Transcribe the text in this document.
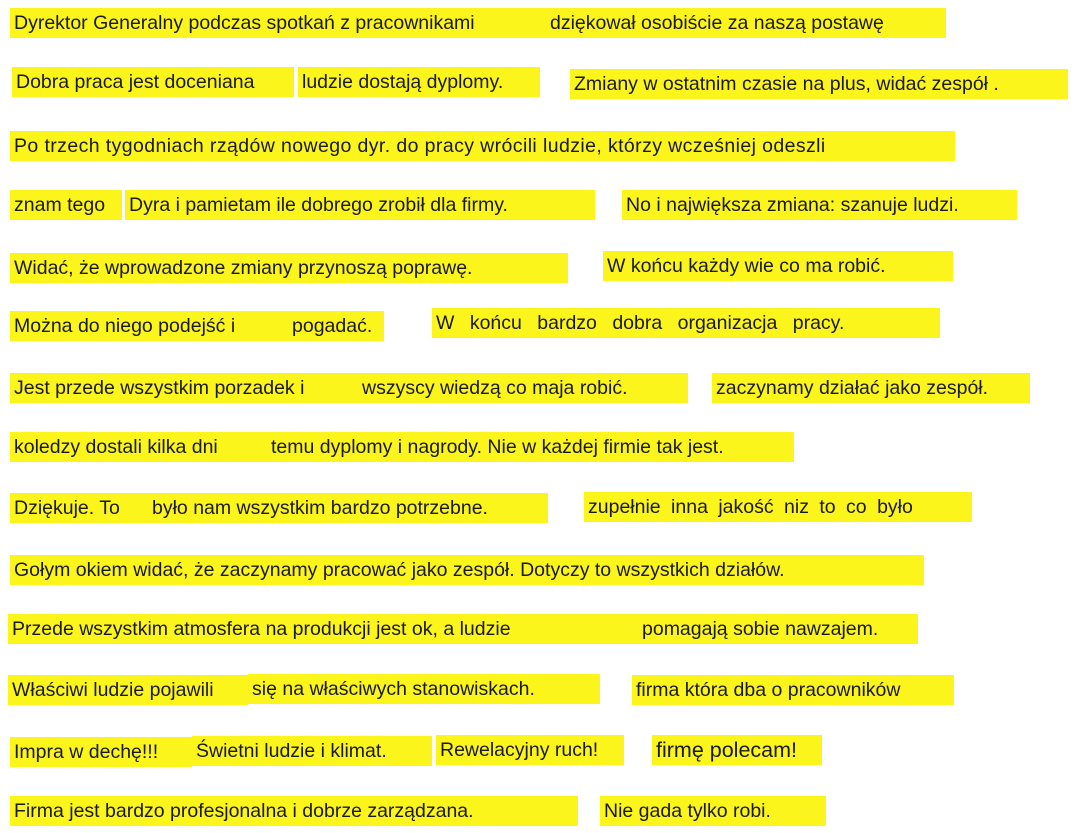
Dyrektor Generalny podczas spotkań z pracownikami	dziękował osobiście za naszą postawę
Dobra praca jest doceniana	ludzie dostają dyplomy.	Zmiany w ostatnim czasie na plus, widać zespół .
Po trzech tygodniach rządów nowego dyr. do pracy wrócili ludzie, którzy wcześniej odeszli
znam tego	Dyra i pamietam ile dobrego zrobił dla firmy.	No i największa zmiana: szanuje ludzi.
Widać, że wprowadzone zmiany przynoszą poprawę.	W końcu każdy wie co ma robić.
Można do niego podejść i	pogadać.	W końcu bardzo dobra organizacja pracy.
Jest przede wszystkim porzadek i	wszyscy wiedzą co maja robić.	zaczynamy działać jako zespół.
koledzy dostali kilka dni	temu dyplomy i nagrody. Nie w każdej firmie tak jest.
Dziękuje. To	było nam wszystkim bardzo potrzebne.	zupełnie inna jakość niz to co było
Gołym okiem widać, że zaczynamy pracować jako zespół. Dotyczy to wszystkich działów.
Przede wszystkim atmosfera na produkcji jest ok, a ludzie	pomagają sobie nawzajem.
Właściwi ludzie pojawili	się na właściwych stanowiskach.	firma która dba o pracowników
Impra w dechę!!!	Świetni ludzie i klimat.	Rewelacyjny ruch!	firmę polecam!
Firma jest bardzo profesjonalna i dobrze zarządzana.	Nie gada tylko robi.
